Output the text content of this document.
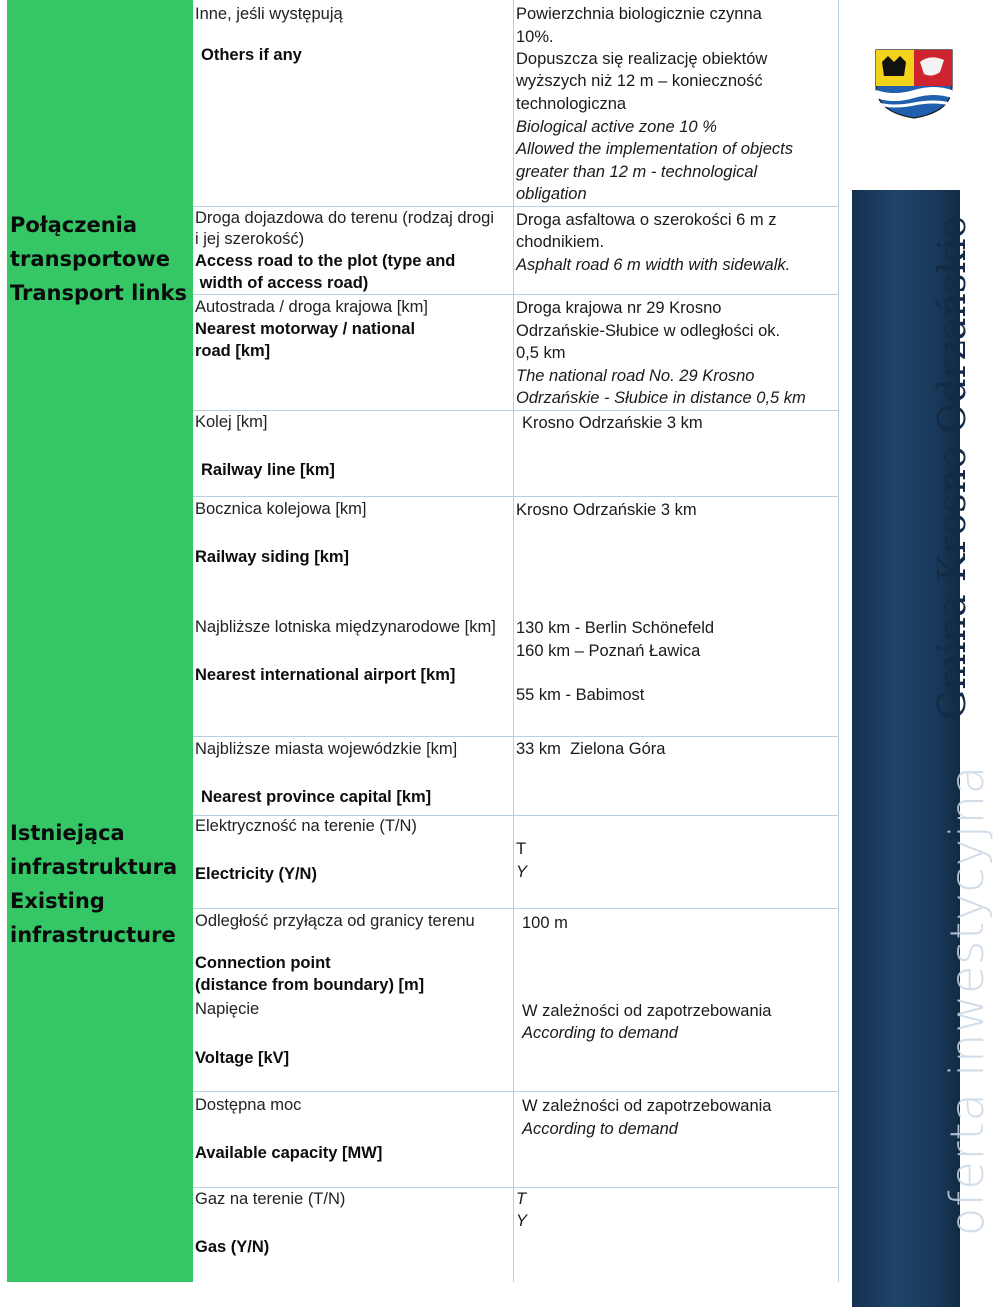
Połączenia
transportowe
Transport links
Istniejąca
infrastruktura
Existing
infrastructure
Inne, jeśli występują
Others if any
Powierzchnia biologicznie czynna
10%.
Dopuszcza się realizację obiektów
wyższych niż 12 m – konieczność
technologiczna
Biological active zone 10 %
Allowed the implementation of objects
greater than 12 m - technological
obligation
Droga dojazdowa do terenu (rodzaj drogi
i jej szerokość)
Access road to the plot (type and
width of access road)
Droga asfaltowa o szerokości 6 m z
chodnikiem.
Asphalt road 6 m width with sidewalk.
Autostrada / droga krajowa [km]
Nearest motorway / national
road [km]
Droga krajowa nr 29 Krosno
Odrzańskie-Słubice w odległości ok.
0,5 km
The national road No. 29 Krosno
Odrzańskie - Słubice in distance 0,5 km
Kolej [km]
Railway line [km]
Krosno Odrzańskie 3 km
Bocznica kolejowa [km]
Railway siding [km]
Krosno Odrzańskie 3 km
Najbliższe lotniska międzynarodowe [km]
Nearest international airport [km]
130 km - Berlin Schönefeld
160 km – Poznań Ławica
55 km - Babimost
Najbliższe miasta wojewódzkie [km]
Nearest province capital [km]
33 km  Zielona Góra
Elektryczność na terenie (T/N)
Electricity (Y/N)
T
Y
Odległość przyłącza od granicy terenu
Connection point
(distance from boundary) [m]
100 m
Napięcie
Voltage [kV]
W zależności od zapotrzebowania
According to demand
Dostępna moc
Available capacity [MW]
W zależności od zapotrzebowania
According to demand
Gaz na terenie (T/N)
Gas (Y/N)
T
Y
Gmina Krosno Odrzańskie
oferta inwestycyjna
